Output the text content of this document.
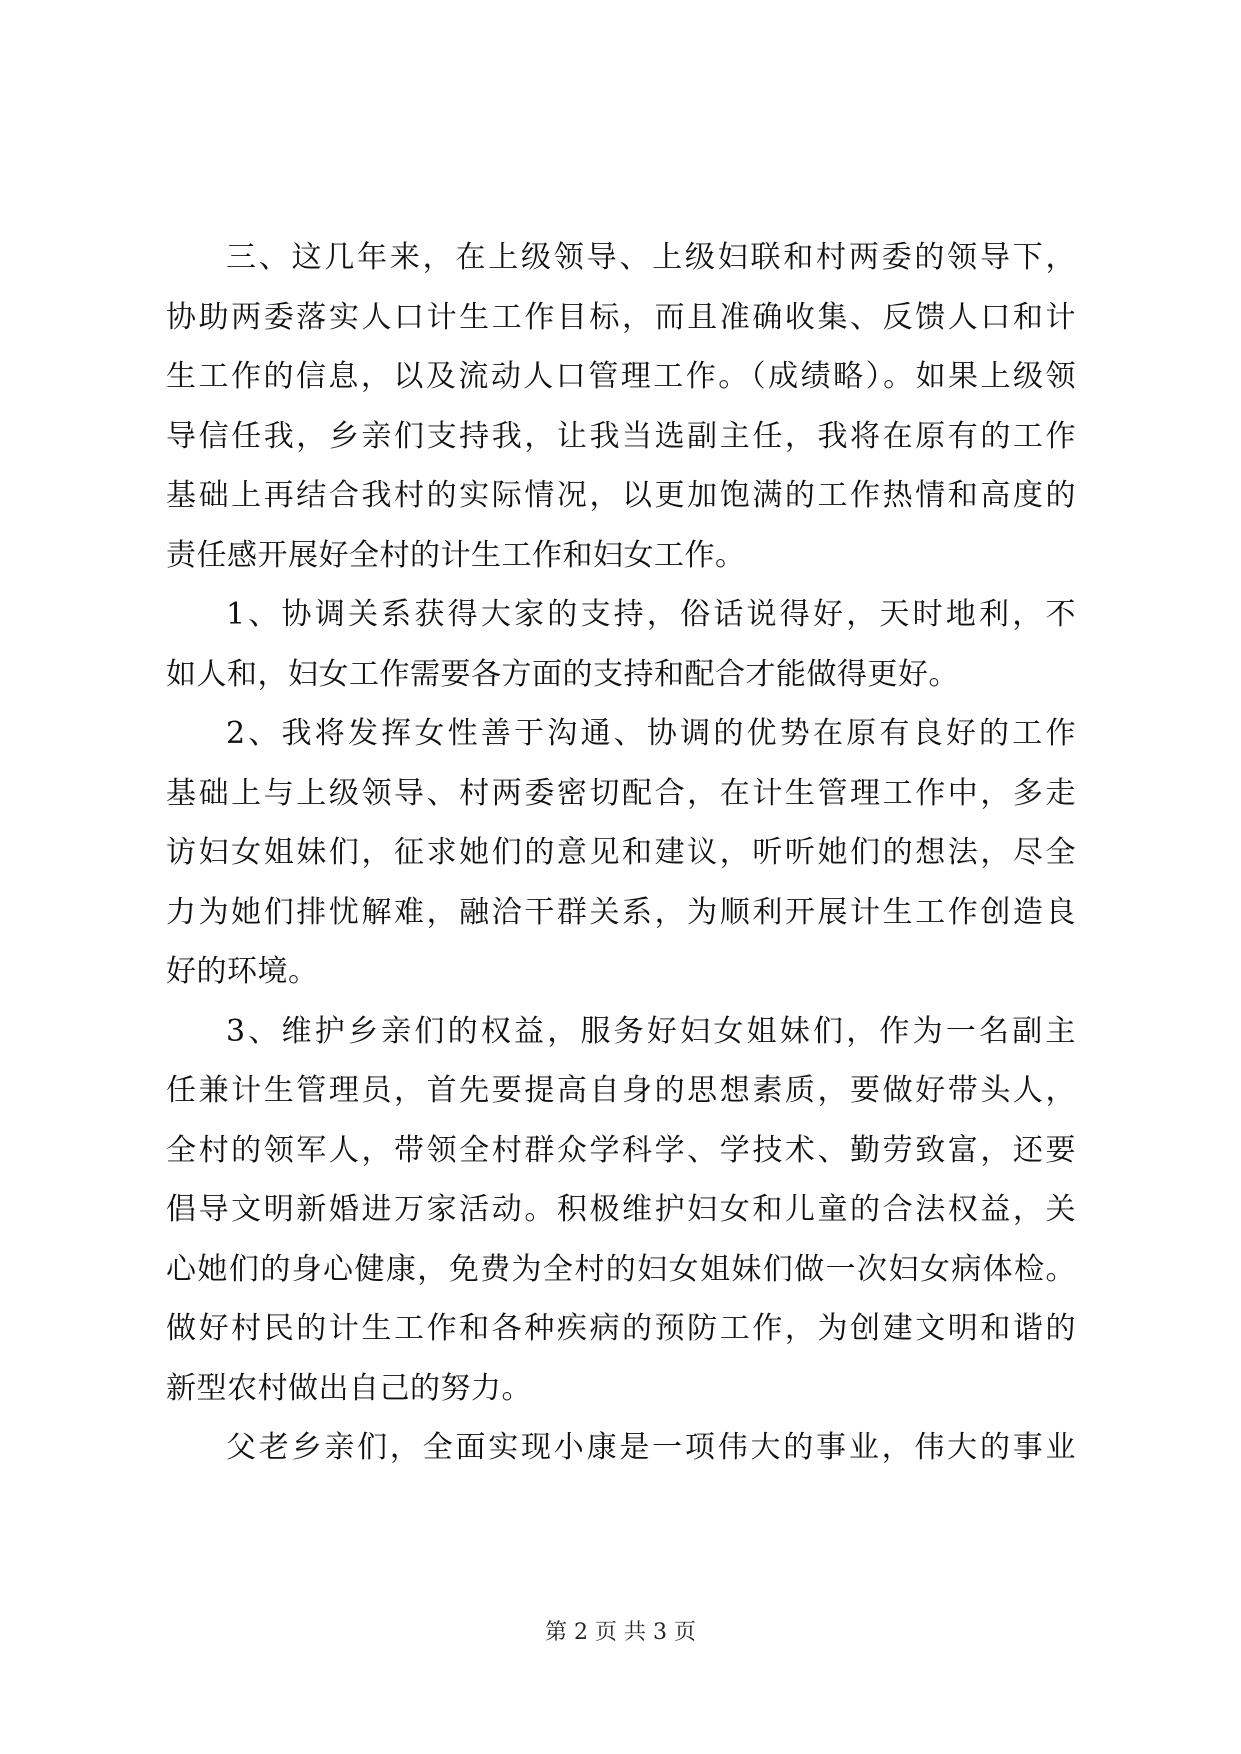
三、这几年来，在上级领导、上级妇联和村两委的领导下，
协助两委落实人口计生工作目标，而且准确收集、反馈人口和计
生工作的信息，以及流动人口管理工作。（成绩略）。如果上级领
导信任我，乡亲们支持我，让我当选副主任，我将在原有的工作
基础上再结合我村的实际情况，以更加饱满的工作热情和高度的
责任感开展好全村的计生工作和妇女工作。
1、协调关系获得大家的支持，俗话说得好，天时地利，不
如人和，妇女工作需要各方面的支持和配合才能做得更好。
2、我将发挥女性善于沟通、协调的优势在原有良好的工作
基础上与上级领导、村两委密切配合，在计生管理工作中，多走
访妇女姐妹们，征求她们的意见和建议，听听她们的想法，尽全
力为她们排忧解难，融洽干群关系，为顺利开展计生工作创造良
好的环境。
3、维护乡亲们的权益，服务好妇女姐妹们，作为一名副主
任兼计生管理员，首先要提高自身的思想素质，要做好带头人，
全村的领军人，带领全村群众学科学、学技术、勤劳致富，还要
倡导文明新婚进万家活动。积极维护妇女和儿童的合法权益，关
心她们的身心健康，免费为全村的妇女姐妹们做一次妇女病体检。
做好村民的计生工作和各种疾病的预防工作，为创建文明和谐的
新型农村做出自己的努力。
父老乡亲们，全面实现小康是一项伟大的事业，伟大的事业
第 2 页 共 3 页
